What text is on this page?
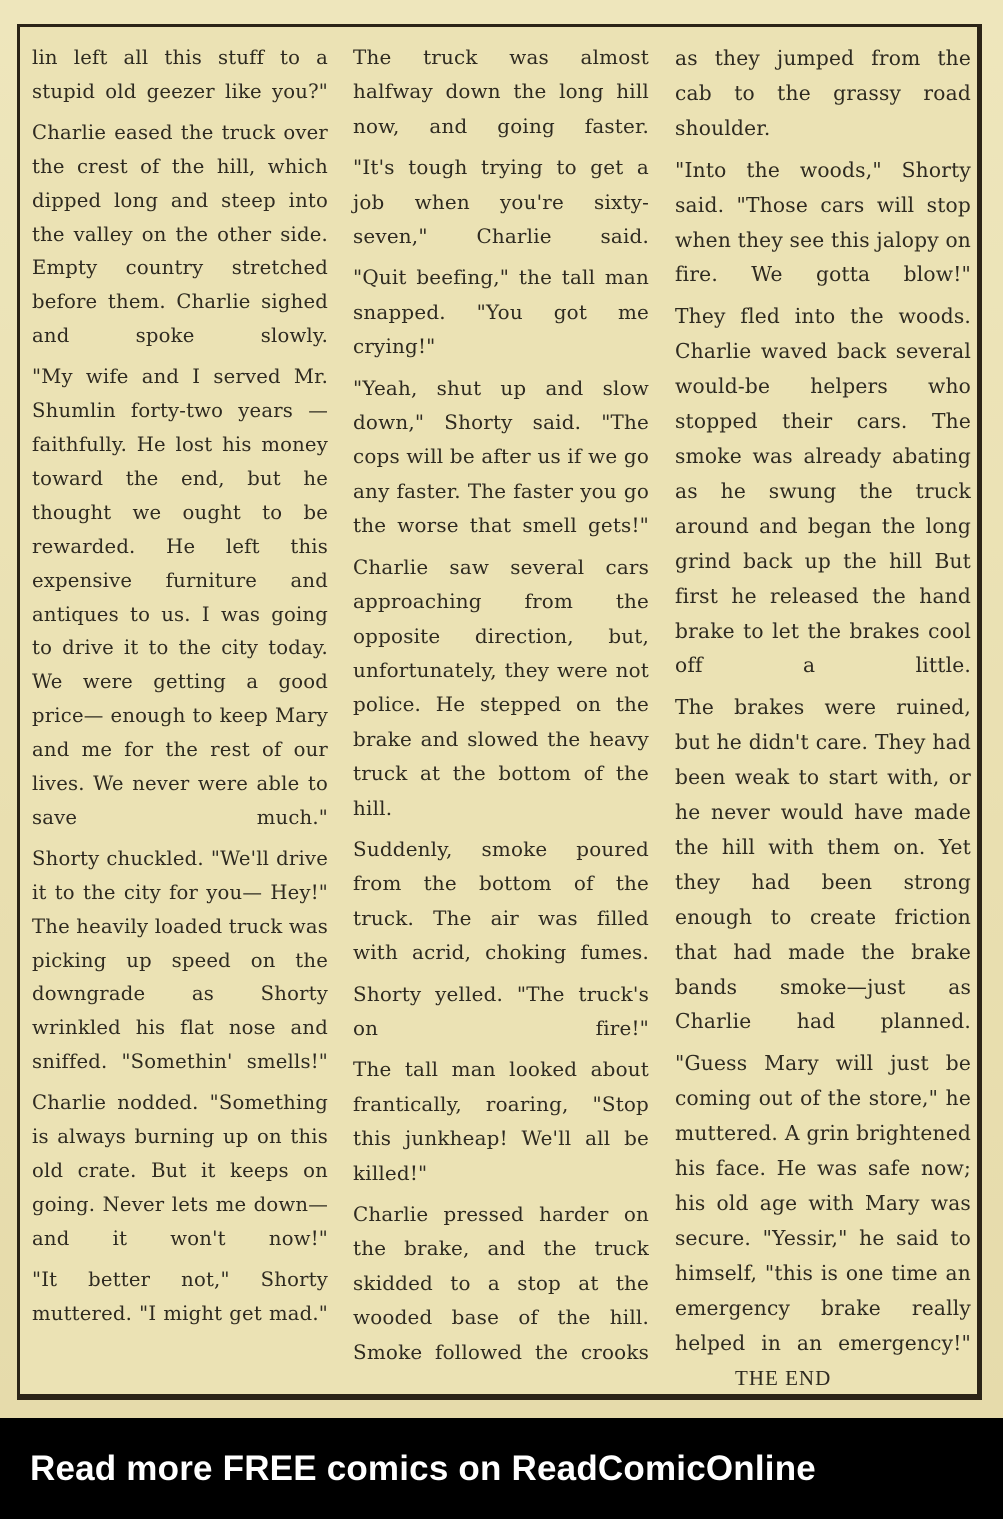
lin left all this stuff to a stupid old geezer like you?"

Charlie eased the truck over the crest of the hill, which dipped long and steep into the valley on the other side. Empty country stretched before them. Charlie sighed and spoke slowly.

"My wife and I served Mr. Shumlin forty-two years — faithfully. He lost his money toward the end, but he thought we ought to be rewarded. He left this expensive furniture and antiques to us. I was going to drive it to the city today. We were getting a good price— enough to keep Mary and me for the rest of our lives. We never were able to save much."

Shorty chuckled. "We'll drive it to the city for you— Hey!" The heavily loaded truck was picking up speed on the downgrade as Shorty wrinkled his flat nose and sniffed. "Somethin' smells!"

Charlie nodded. "Something is always burning up on this old crate. But it keeps on going. Never lets me down—and it won't now!"

"It better not," Shorty muttered. "I might get mad."

The truck was almost halfway down the long hill now, and going faster.

"It's tough trying to get a job when you're sixty-seven," Charlie said.

"Quit beefing," the tall man snapped. "You got me crying!"

"Yeah, shut up and slow down," Shorty said. "The cops will be after us if we go any faster. The faster you go the worse that smell gets!"

Charlie saw several cars approaching from the opposite direction, but, unfortunately, they were not police. He stepped on the brake and slowed the heavy truck at the bottom of the hill.

Suddenly, smoke poured from the bottom of the truck. The air was filled with acrid, choking fumes.

Shorty yelled. "The truck's on fire!"

The tall man looked about frantically, roaring, "Stop this junkheap! We'll all be killed!"

Charlie pressed harder on the brake, and the truck skidded to a stop at the wooded base of the hill. Smoke followed the crooks

as they jumped from the cab to the grassy road shoulder.

"Into the woods," Shorty said. "Those cars will stop when they see this jalopy on fire. We gotta blow!"

They fled into the woods. Charlie waved back several would-be helpers who stopped their cars. The smoke was already abating as he swung the truck around and began the long grind back up the hill But first he released the hand brake to let the brakes cool off a little.

The brakes were ruined, but he didn't care. They had been weak to start with, or he never would have made the hill with them on. Yet they had been strong enough to create friction that had made the brake bands smoke—just as Charlie had planned.

"Guess Mary will just be coming out of the store," he muttered. A grin brightened his face. He was safe now; his old age with Mary was secure. "Yessir," he said to himself, "this is one time an emergency brake really helped in an emergency!"

THE END
Read more FREE comics on ReadComicOnline
